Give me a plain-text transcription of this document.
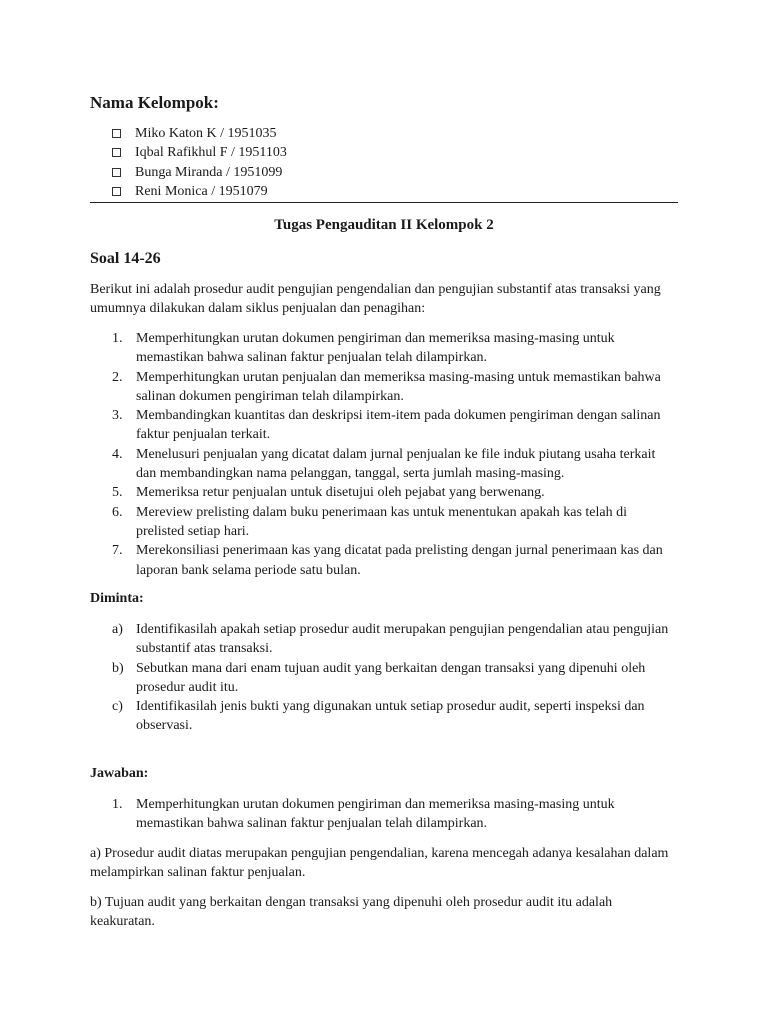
Nama Kelompok:
Miko Katon K / 1951035
Iqbal Rafikhul F / 1951103
Bunga Miranda / 1951099
Reni Monica / 1951079
Tugas Pengauditan II Kelompok 2
Soal 14-26
Berikut ini adalah prosedur audit pengujian pengendalian dan pengujian substantif atas transaksi yang umumnya dilakukan dalam siklus penjualan dan penagihan:
1. Memperhitungkan urutan dokumen pengiriman dan memeriksa masing-masing untuk memastikan bahwa salinan faktur penjualan telah dilampirkan.
2. Memperhitungkan urutan penjualan dan memeriksa masing-masing untuk memastikan bahwa salinan dokumen pengiriman telah dilampirkan.
3. Membandingkan kuantitas dan deskripsi item-item pada dokumen pengiriman dengan salinan faktur penjualan terkait.
4. Menelusuri penjualan yang dicatat dalam jurnal penjualan ke file induk piutang usaha terkait dan membandingkan nama pelanggan, tanggal, serta jumlah masing-masing.
5. Memeriksa retur penjualan untuk disetujui oleh pejabat yang berwenang.
6. Mereview prelisting dalam buku penerimaan kas untuk menentukan apakah kas telah di prelisted setiap hari.
7. Merekonsiliasi penerimaan kas yang dicatat pada prelisting dengan jurnal penerimaan kas dan laporan bank selama periode satu bulan.
Diminta:
a) Identifikasilah apakah setiap prosedur audit merupakan pengujian pengendalian atau pengujian substantif atas transaksi.
b) Sebutkan mana dari enam tujuan audit yang berkaitan dengan transaksi yang dipenuhi oleh prosedur audit itu.
c) Identifikasilah jenis bukti yang digunakan untuk setiap prosedur audit, seperti inspeksi dan observasi.
Jawaban:
1. Memperhitungkan urutan dokumen pengiriman dan memeriksa masing-masing untuk memastikan bahwa salinan faktur penjualan telah dilampirkan.
a) Prosedur audit diatas merupakan pengujian pengendalian, karena mencegah adanya kesalahan dalam melampirkan salinan faktur penjualan.
b) Tujuan audit yang berkaitan dengan transaksi yang dipenuhi oleh prosedur audit itu adalah keakuratan.
